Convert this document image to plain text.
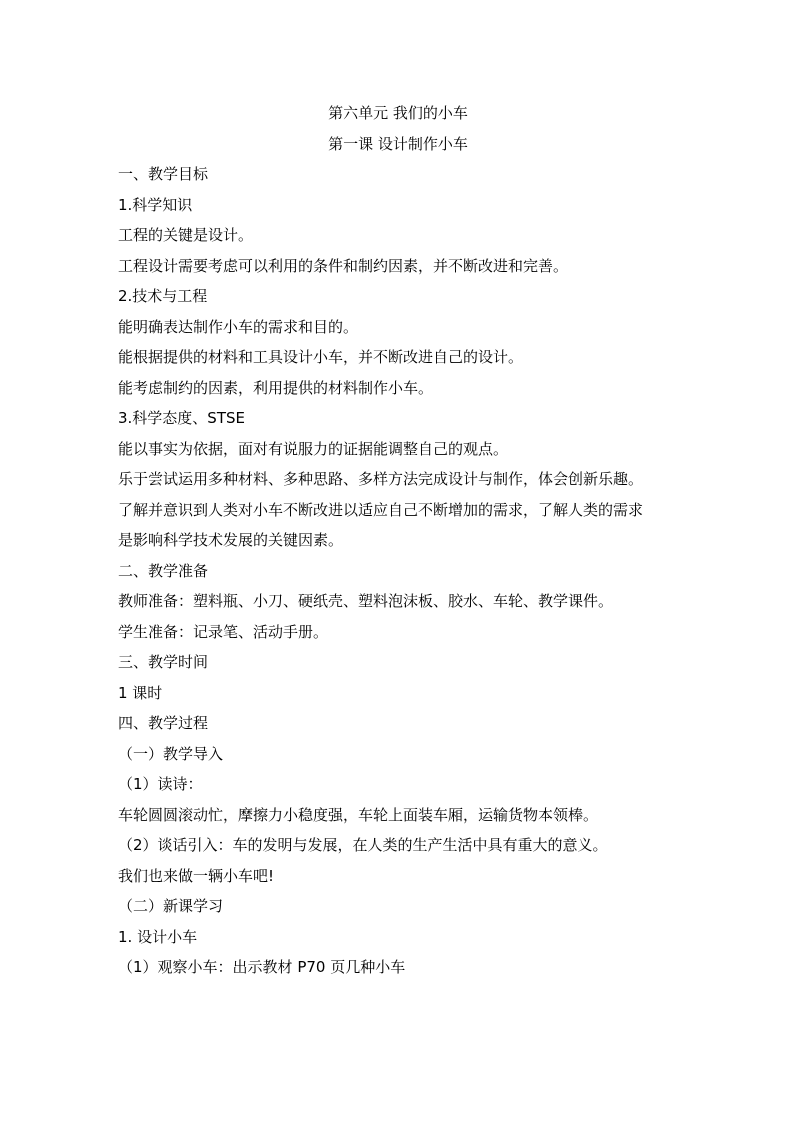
第六单元 我们的小车
第一课 设计制作小车
一、教学目标
1.科学知识
工程的关键是设计。
工程设计需要考虑可以利用的条件和制约因素，并不断改进和完善。
2.技术与工程
能明确表达制作小车的需求和目的。
能根据提供的材料和工具设计小车，并不断改进自己的设计。
能考虑制约的因素，利用提供的材料制作小车。
3.科学态度、STSE
能以事实为依据，面对有说服力的证据能调整自己的观点。
乐于尝试运用多种材料、多种思路、多样方法完成设计与制作，体会创新乐趣。
了解并意识到人类对小车不断改进以适应自己不断增加的需求，了解人类的需求
是影响科学技术发展的关键因素。
二、教学准备
教师准备：塑料瓶、小刀、硬纸壳、塑料泡沫板、胶水、车轮、教学课件。
学生准备：记录笔、活动手册。
三、教学时间
1 课时
四、教学过程
（一）教学导入
（1）读诗：
车轮圆圆滚动忙，摩擦力小稳度强，车轮上面装车厢，运输货物本领棒。
（2）谈话引入：车的发明与发展，在人类的生产生活中具有重大的意义。
我们也来做一辆小车吧!
（二）新课学习
1. 设计小车
（1）观察小车：出示教材 P70 页几种小车
